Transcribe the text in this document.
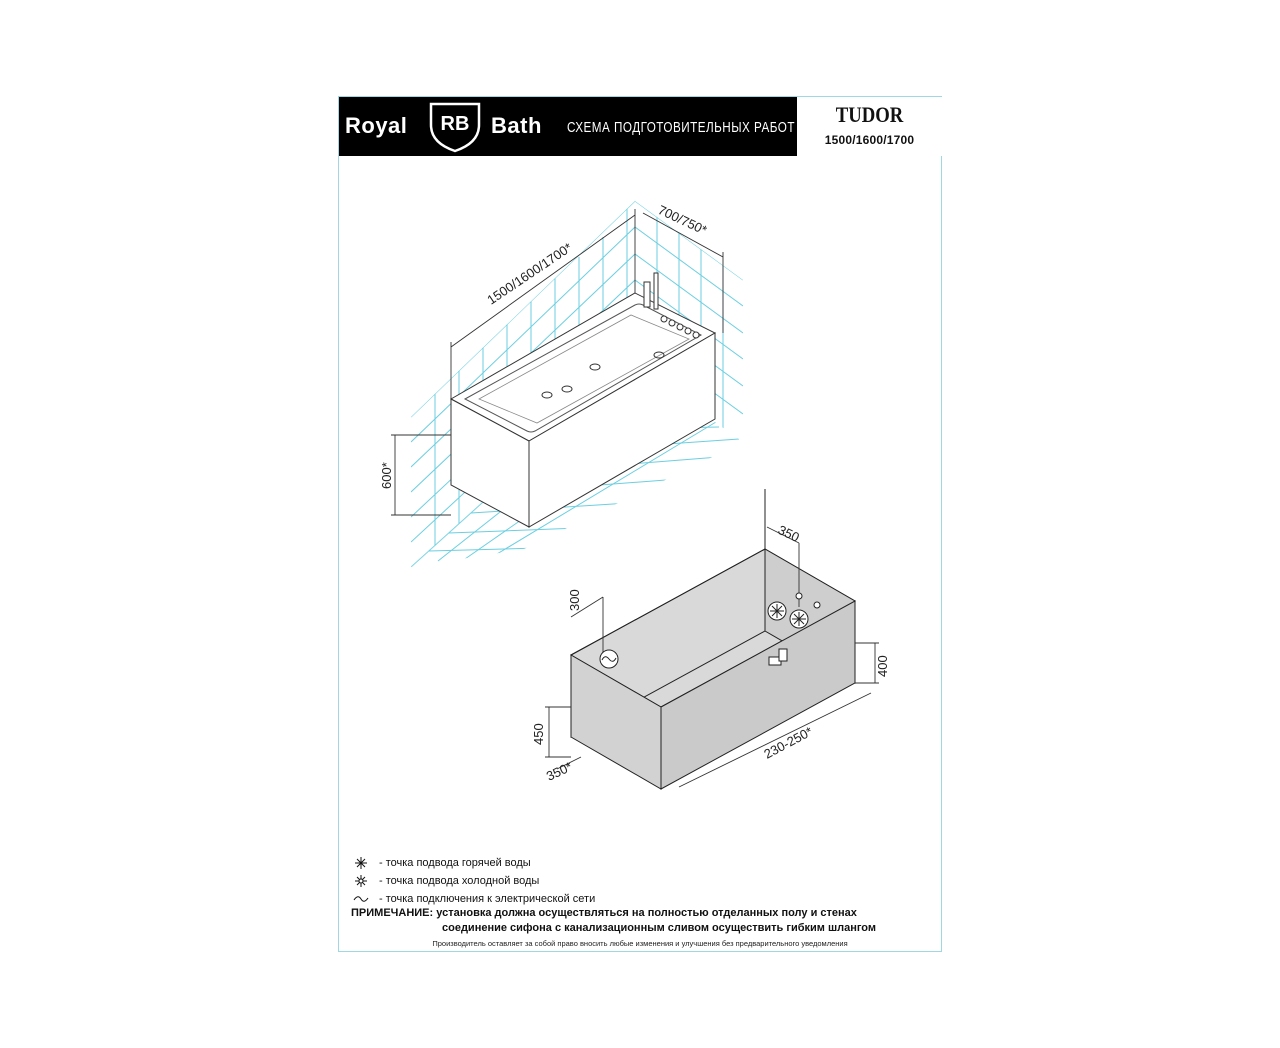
Royal RB Bath СХЕМА ПОДГОТОВИТЕЛЬНЫХ РАБОТ
TUDOR
1500/1600/1700
1500/1600/1700*
700/750*
600*
300
350
400
450
350*
230-250*
- точка подвода горячей воды
- точка подвода холодной воды
- точка подключения к электрической сети
ПРИМЕЧАНИЕ: установка должна осуществляться на полностью отделанных полу и стенах
соединение сифона с канализационным сливом осуществить гибким шлангом
Производитель оставляет за собой право вносить любые изменения и улучшения без предварительного уведомления
